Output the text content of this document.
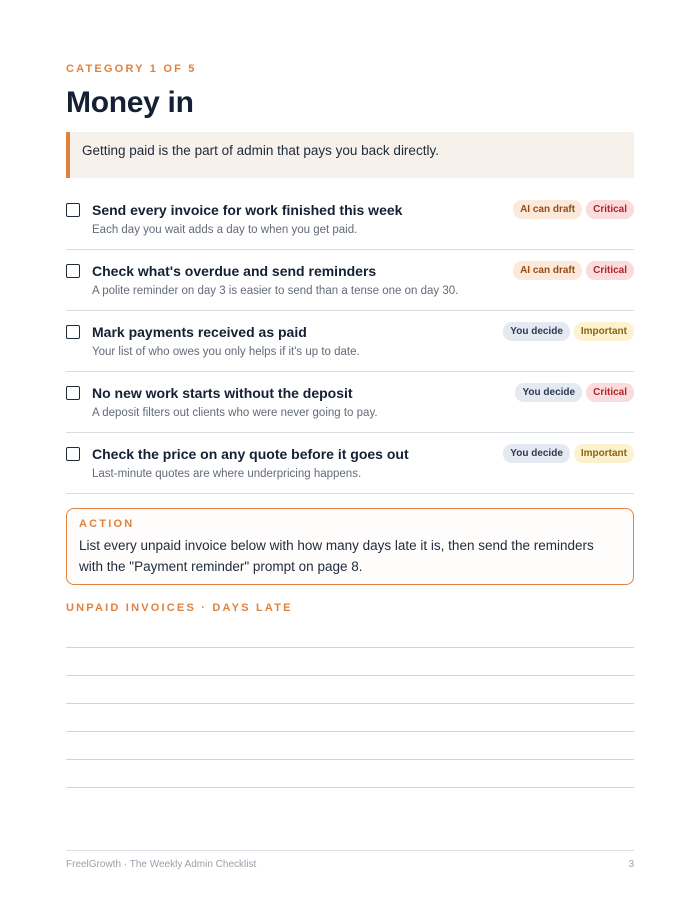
CATEGORY 1 OF 5
Money in
Getting paid is the part of admin that pays you back directly.
Send every invoice for work finished this week
Each day you wait adds a day to when you get paid.
AI can draft	Critical
Check what's overdue and send reminders
A polite reminder on day 3 is easier to send than a tense one on day 30.
AI can draft	Critical
Mark payments received as paid
Your list of who owes you only helps if it's up to date.
You decide	Important
No new work starts without the deposit
A deposit filters out clients who were never going to pay.
You decide	Critical
Check the price on any quote before it goes out
Last-minute quotes are where underpricing happens.
You decide	Important
ACTION
List every unpaid invoice below with how many days late it is, then send the reminders with the "Payment reminder" prompt on page 8.
UNPAID INVOICES · DAYS LATE
FreelGrowth · The Weekly Admin Checklist	3
